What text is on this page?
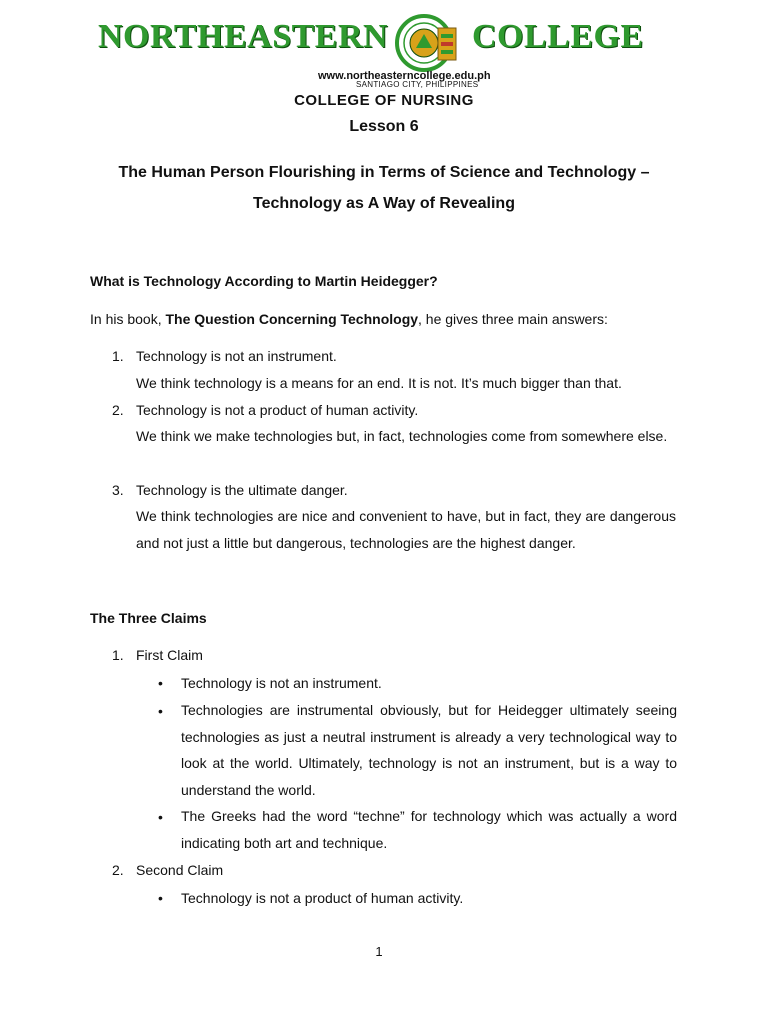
NORTHEASTERN COLLEGE
www.northeasterncollege.edu.ph
SANTIAGO CITY, PHILIPPINES
COLLEGE OF NURSING
Lesson 6
The Human Person Flourishing in Terms of Science and Technology –
Technology as A Way of Revealing
What is Technology According to Martin Heidegger?
In his book, The Question Concerning Technology, he gives three main answers:
1. Technology is not an instrument.
We think technology is a means for an end. It is not. It’s much bigger than that.
2. Technology is not a product of human activity.
We think we make technologies but, in fact, technologies come from somewhere else.
3. Technology is the ultimate danger.
We think technologies are nice and convenient to have, but in fact, they are dangerous and not just a little but dangerous, technologies are the highest danger.
The Three Claims
1. First Claim
• Technology is not an instrument.
• Technologies are instrumental obviously, but for Heidegger ultimately seeing technologies as just a neutral instrument is already a very technological way to look at the world. Ultimately, technology is not an instrument, but is a way to understand the world.
• The Greeks had the word “techne” for technology which was actually a word indicating both art and technique.
2. Second Claim
• Technology is not a product of human activity.
1
